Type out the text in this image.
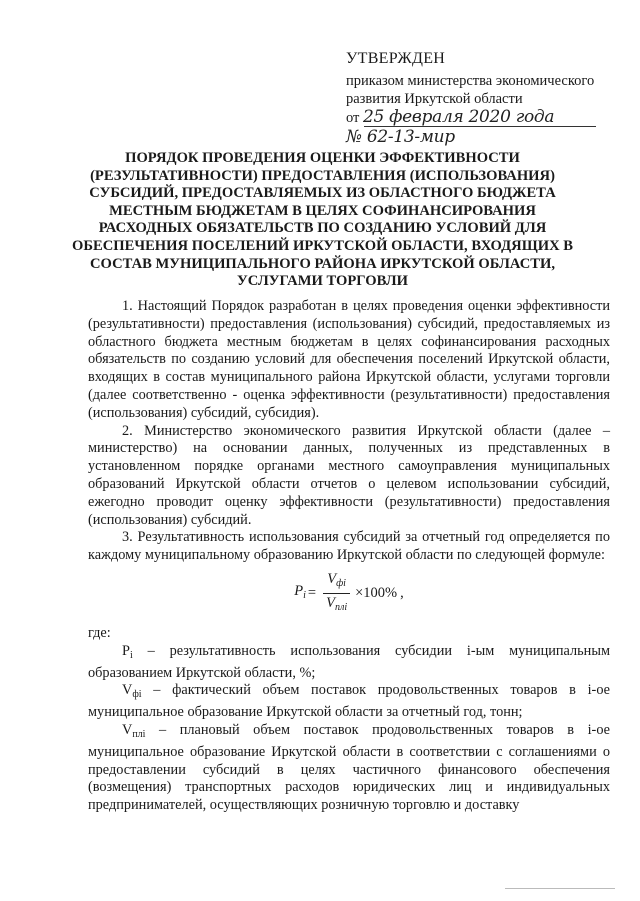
УТВЕРЖДЕН
приказом министерства экономического
развития Иркутской области
от 25 февраля 2020 года
№ 62-13-мир
ПОРЯДОК ПРОВЕДЕНИЯ ОЦЕНКИ ЭФФЕКТИВНОСТИ (РЕЗУЛЬТАТИВНОСТИ) ПРЕДОСТАВЛЕНИЯ (ИСПОЛЬЗОВАНИЯ) СУБСИДИЙ, ПРЕДОСТАВЛЯЕМЫХ ИЗ ОБЛАСТНОГО БЮДЖЕТА МЕСТНЫМ БЮДЖЕТАМ В ЦЕЛЯХ СОФИНАНСИРОВАНИЯ РАСХОДНЫХ ОБЯЗАТЕЛЬСТВ ПО СОЗДАНИЮ УСЛОВИЙ ДЛЯ ОБЕСПЕЧЕНИЯ ПОСЕЛЕНИЙ ИРКУТСКОЙ ОБЛАСТИ, ВХОДЯЩИХ В СОСТАВ МУНИЦИПАЛЬНОГО РАЙОНА ИРКУТСКОЙ ОБЛАСТИ, УСЛУГАМИ ТОРГОВЛИ

1. Настоящий Порядок разработан в целях проведения оценки эффективности (результативности) предоставления (использования) субсидий, предоставляемых из областного бюджета местным бюджетам в целях софинансирования расходных обязательств по созданию условий для обеспечения поселений Иркутской области, входящих в состав муниципального района Иркутской области, услугами торговли (далее соответственно - оценка эффективности (результативности) предоставления (использования) субсидий, субсидия).

2. Министерство экономического развития Иркутской области (далее – министерство) на основании данных, полученных из представленных в установленном порядке органами местного самоуправления муниципальных образований Иркутской области отчетов о целевом использовании субсидий, ежегодно проводит оценку эффективности (результативности) предоставления (использования) субсидий.

3. Результативность использования субсидий за отчетный год определяется по каждому муниципальному образованию Иркутской области по следующей формуле:

$P_i = \frac{V_{фi}}{V_{плi}} \times 100\%$ ,

где:

$P_i$ – результативность использования субсидии i-ым муниципальным образованием Иркутской области, %;

$V_{фi}$ – фактический объем поставок продовольственных товаров в i-ое муниципальное образование Иркутской области за отчетный год, тонн;

$V_{плi}$ – плановый объем поставок продовольственных товаров в i-ое муниципальное образование Иркутской области в соответствии с соглашениями о предоставлении субсидий в целях частичного финансового обеспечения (возмещения) транспортных расходов юридических лиц и индивидуальных предпринимателей, осуществляющих розничную торговлю и доставку
